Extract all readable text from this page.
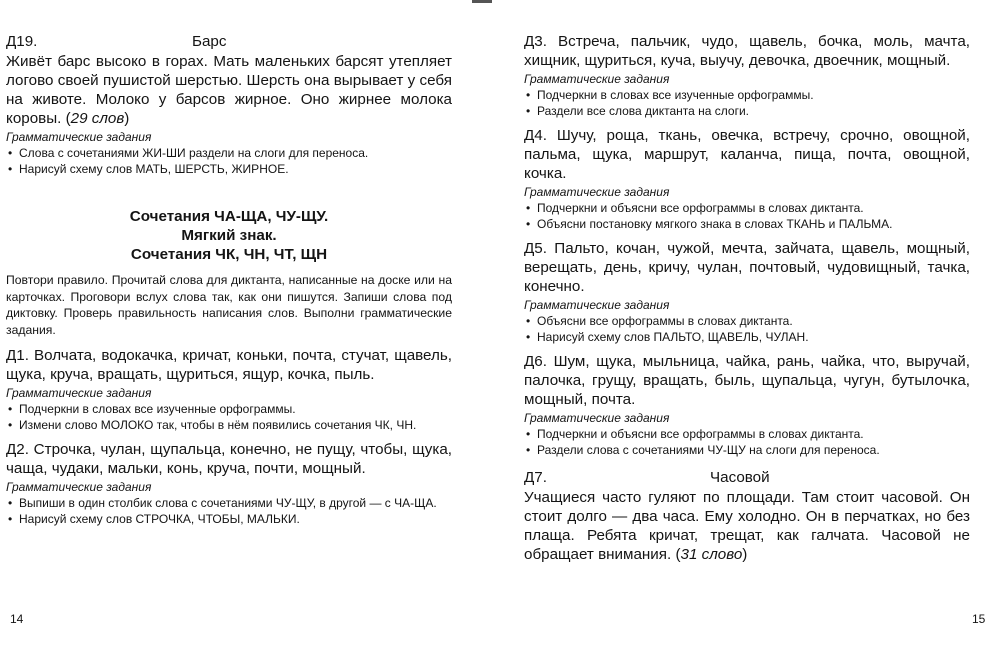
Д19.	Барс

Живёт барс высоко в горах. Мать маленьких барсят утепляет логово своей пушистой шерстью. Шерсть она вырывает у себя на животе. Молоко у барсов жирное. Оно жирнее молока коровы. (29 слов)

Грамматические задания
• Слова с сочетаниями ЖИ-ШИ раздели на слоги для переноса.
• Нарисуй схему слов МАТЬ, ШЕРСТЬ, ЖИРНОЕ.
Сочетания ЧА-ЩА, ЧУ-ЩУ.
Мягкий знак.
Сочетания ЧК, ЧН, ЧТ, ЩН

Повтори правило. Прочитай слова для диктанта, написанные на доске или на карточках. Проговори вслух слова так, как они пишутся. Запиши слова под диктовку. Проверь правильность написания слов. Выполни грамматические задания.

Д1. Волчата, водокачка, кричат, коньки, почта, стучат, щавель, щука, круча, вращать, щуриться, ящур, кочка, пыль.

Грамматические задания
• Подчеркни в словах все изученные орфограммы.
• Измени слово МОЛОКО так, чтобы в нём появились сочетания ЧК, ЧН.

Д2. Строчка, чулан, щупальца, конечно, не пущу, чтобы, щука, чаща, чудаки, мальки, конь, круча, почти, мощный.

Грамматические задания
• Выпиши в один столбик слова с сочетаниями ЧУ-ЩУ, в другой — с ЧА-ЩА.
• Нарисуй схему слов СТРОЧКА, ЧТОБЫ, МАЛЬКИ.
14

Д3. Встреча, пальчик, чудо, щавель, бочка, моль, мачта, хищник, щуриться, куча, выучу, девочка, двоечник, мощный.

Грамматические задания
• Подчеркни в словах все изученные орфограммы.
• Раздели все слова диктанта на слоги.

Д4. Шучу, роща, ткань, овечка, встречу, срочно, овощной, пальма, щука, маршрут, каланча, пища, почта, овощной, кочка.

Грамматические задания
• Подчеркни и объясни все орфограммы в словах диктанта.
• Объясни постановку мягкого знака в словах ТКАНЬ и ПАЛЬМА.

Д5. Пальто, кочан, чужой, мечта, зайчата, щавель, мощный, верещать, день, кричу, чулан, почтовый, чудовищный, тачка, конечно.

Грамматические задания
• Объясни все орфограммы в словах диктанта.
• Нарисуй схему слов ПАЛЬТО, ЩАВЕЛЬ, ЧУЛАН.

Д6. Шум, щука, мыльница, чайка, рань, чайка, что, выручай, палочка, грущу, вращать, быль, щупальца, чугун, бутылочка, мощный, почта.

Грамматические задания
• Подчеркни и объясни все орфограммы в словах диктанта.
• Раздели слова с сочетаниями ЧУ-ЩУ на слоги для переноса.
Д7.	Часовой

Учащиеся часто гуляют по площади. Там стоит часовой. Он стоит долго — два часа. Ему холодно. Он в перчатках, но без плаща. Ребята кричат, трещат, как галчата. Часовой не обращает внимания. (31 слово)

15
